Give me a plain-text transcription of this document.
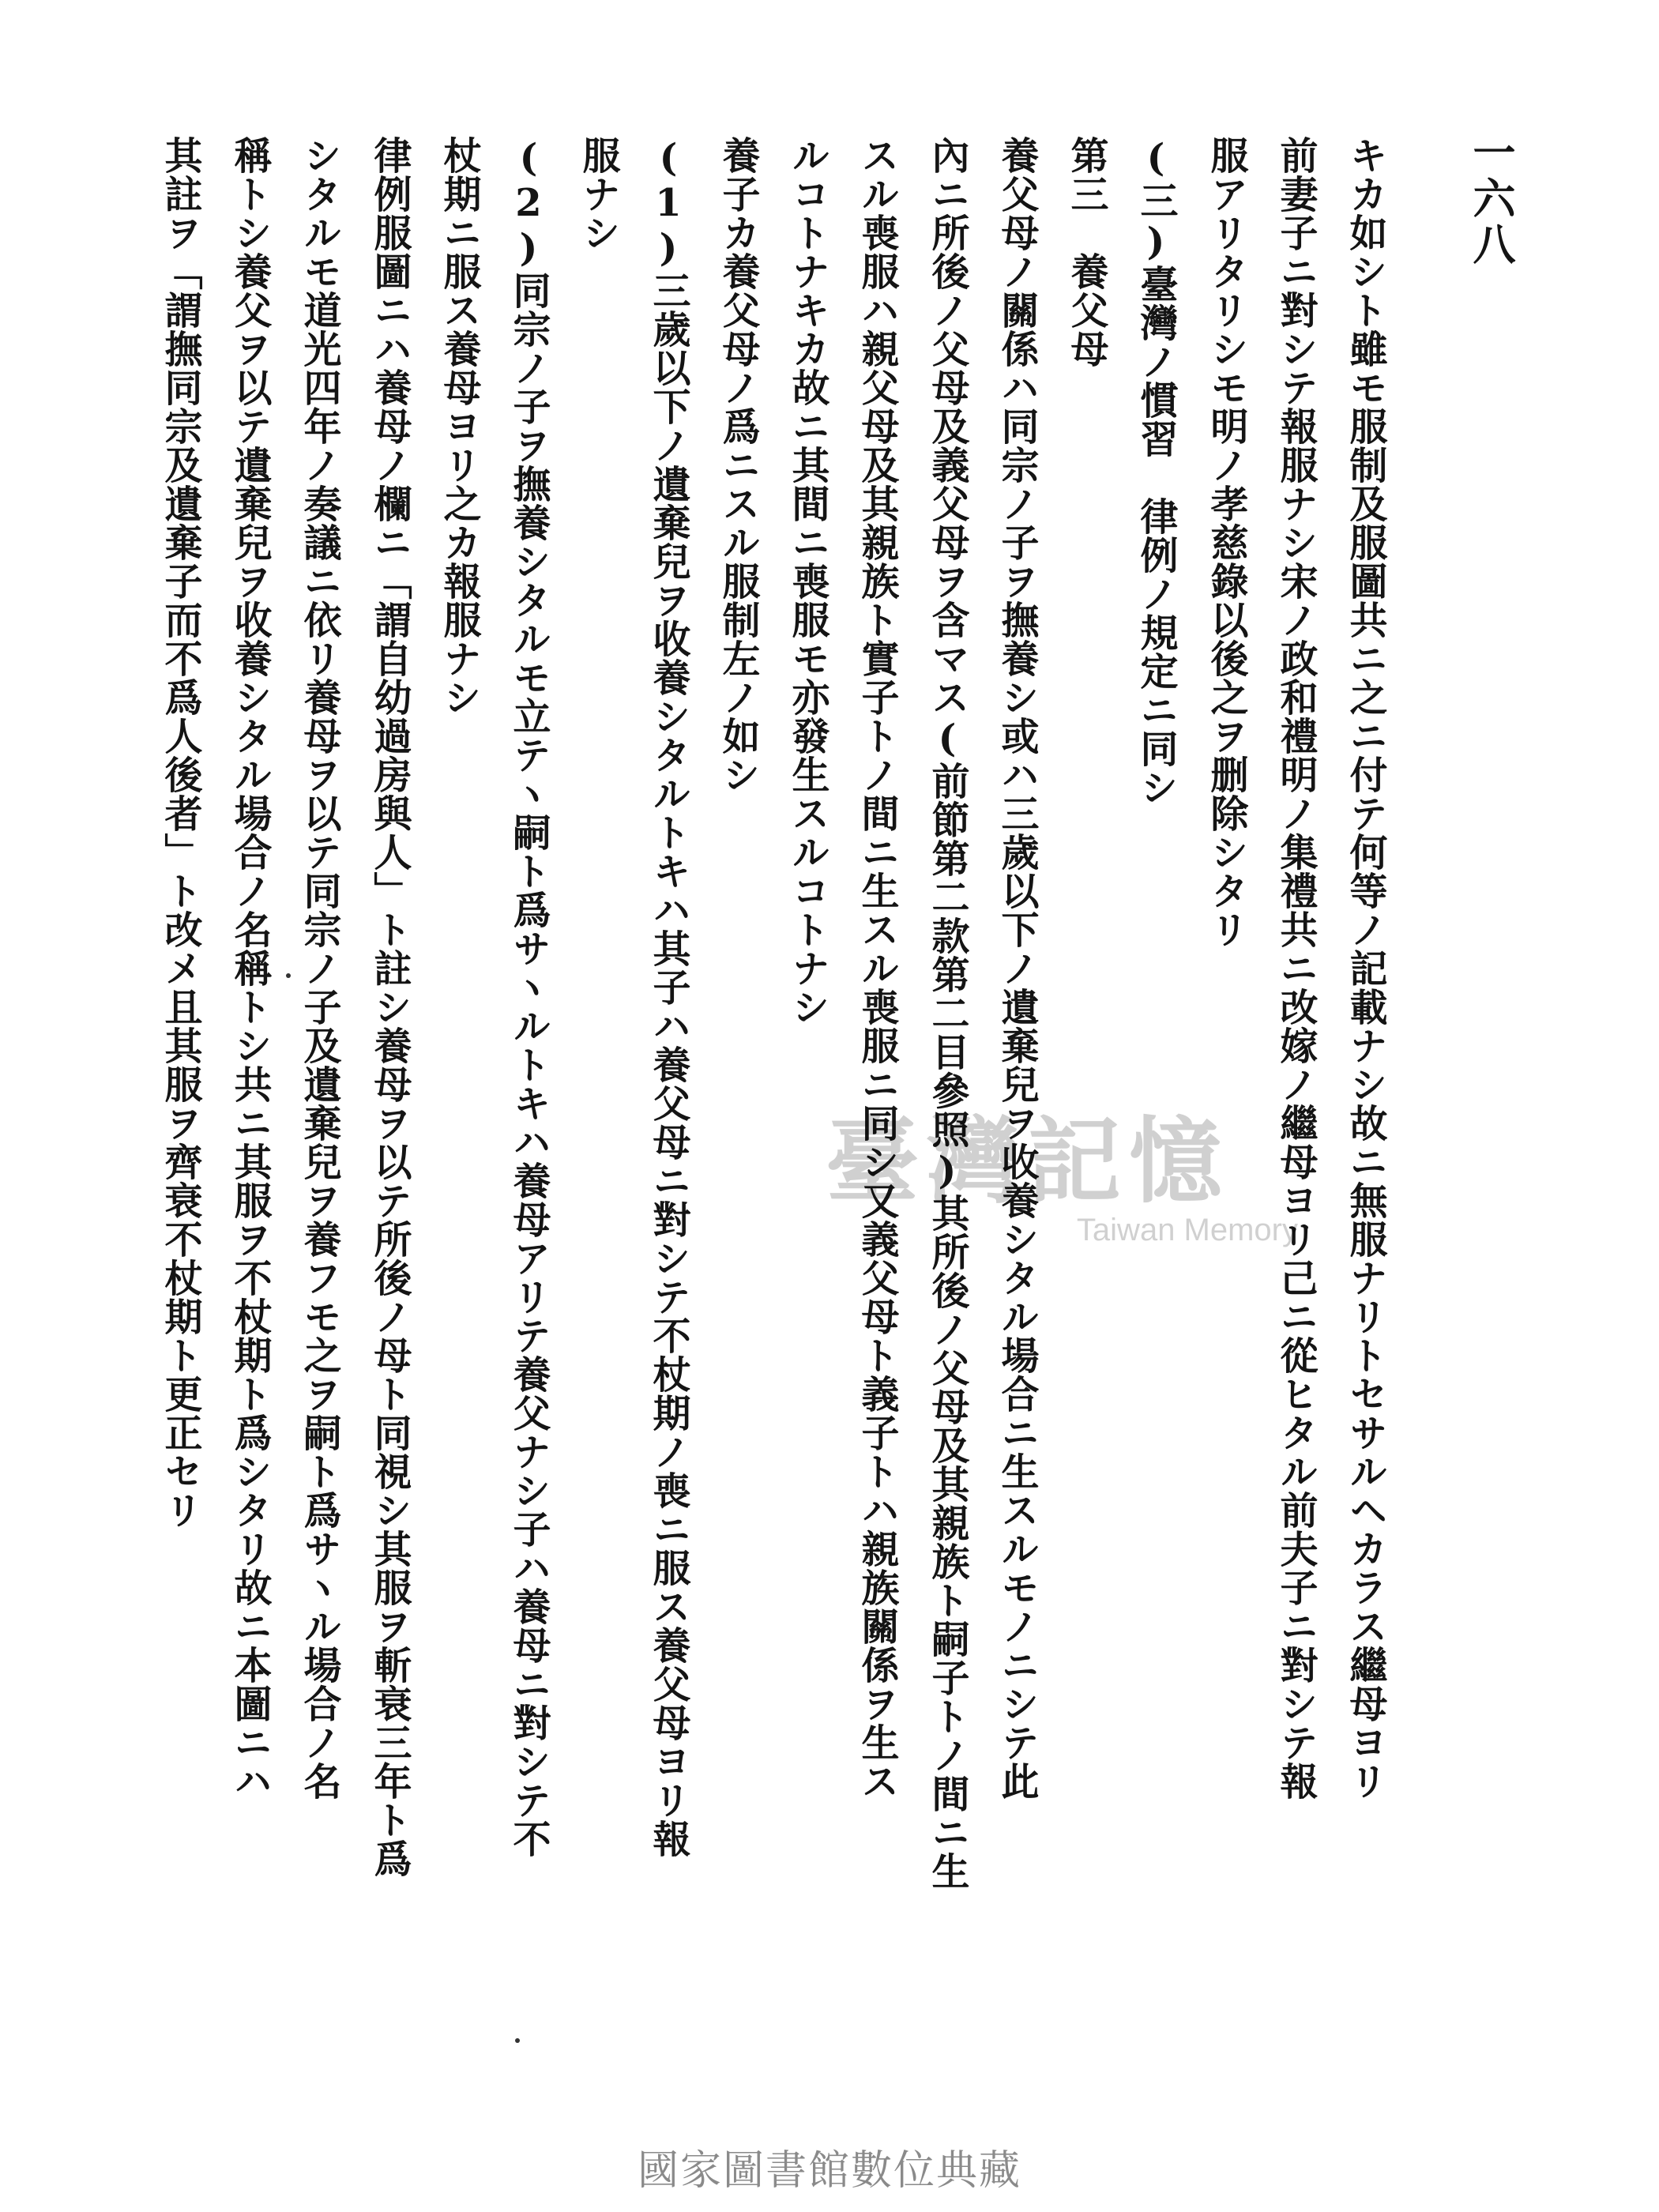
一六八
キカ如シト雖モ服制及服圖共ニ之ニ付テ何等ノ記載ナシ故ニ無服ナリトセサルヘカラス繼母ヨリ
前妻子ニ對シテ報服ナシ宋ノ政和禮明ノ集禮共ニ改嫁ノ繼母ヨリ己ニ從ヒタル前夫子ニ對シテ報
服アリタリシモ明ノ孝慈錄以後之ヲ删除シタリ
(三)臺灣ノ慣習　律例ノ規定ニ同シ
第三　養父母
養父母ノ關係ハ同宗ノ子ヲ撫養シ或ハ三歲以下ノ遺棄兒ヲ收養シタル場合ニ生スルモノニシテ此
內ニ所後ノ父母及義父母ヲ含マス(前節第二款第二目參照)其所後ノ父母及其親族ト嗣子トノ間ニ生
スル喪服ハ親父母及其親族ト實子トノ間ニ生スル喪服ニ同シ又義父母ト義子トハ親族關係ヲ生ス
ルコトナキカ故ニ其間ニ喪服モ亦發生スルコトナシ
養子カ養父母ノ爲ニスル服制左ノ如シ
(1)三歲以下ノ遺棄兒ヲ收養シタルトキハ其子ハ養父母ニ對シテ不杖期ノ喪ニ服ス養父母ヨリ報
服ナシ
(2)同宗ノ子ヲ撫養シタルモ立テヽ嗣ト爲サヽルトキハ養母アリテ養父ナシ子ハ養母ニ對シテ不
杖期ニ服ス養母ヨリ之カ報服ナシ
律例服圖ニハ養母ノ欄ニ「謂自幼過房與人」ト註シ養母ヲ以テ所後ノ母ト同視シ其服ヲ斬衰三年ト爲
シタルモ道光四年ノ奏議ニ依リ養母ヲ以テ同宗ノ子及遺棄兒ヲ養フモ之ヲ嗣ト爲サヽル場合ノ名
稱トシ養父ヲ以テ遺棄兒ヲ收養シタル場合ノ名稱トシ共ニ其服ヲ不杖期ト爲シタリ故ニ本圖ニハ
其註ヲ「謂撫同宗及遺棄子而不爲人後者」ト改メ且其服ヲ齊衰不杖期ト更正セリ	臺灣記憶
Taiwan Memory
國家圖書館數位典藏
